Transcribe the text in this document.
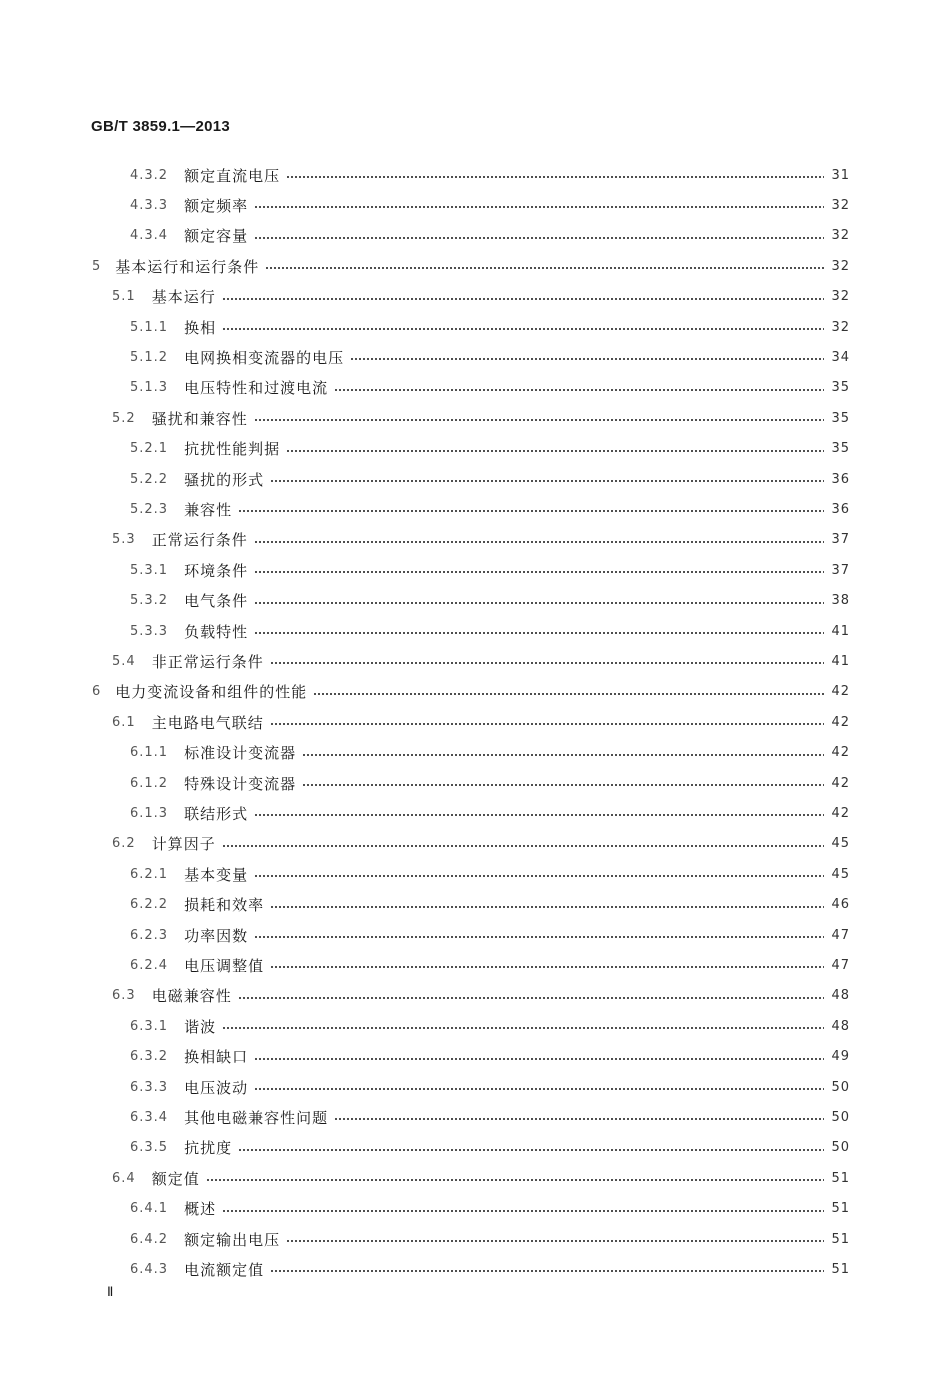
GB/T 3859.1—2013
4.3.2 额定直流电压	31
4.3.3 额定频率	32
4.3.4 额定容量	32
5 基本运行和运行条件	32
5.1 基本运行	32
5.1.1 换相	32
5.1.2 电网换相变流器的电压	34
5.1.3 电压特性和过渡电流	35
5.2 骚扰和兼容性	35
5.2.1 抗扰性能判据	35
5.2.2 骚扰的形式	36
5.2.3 兼容性	36
5.3 正常运行条件	37
5.3.1 环境条件	37
5.3.2 电气条件	38
5.3.3 负载特性	41
5.4 非正常运行条件	41
6 电力变流设备和组件的性能	42
6.1 主电路电气联结	42
6.1.1 标准设计变流器	42
6.1.2 特殊设计变流器	42
6.1.3 联结形式	42
6.2 计算因子	45
6.2.1 基本变量	45
6.2.2 损耗和效率	46
6.2.3 功率因数	47
6.2.4 电压调整值	47
6.3 电磁兼容性	48
6.3.1 谐波	48
6.3.2 换相缺口	49
6.3.3 电压波动	50
6.3.4 其他电磁兼容性问题	50
6.3.5 抗扰度	50
6.4 额定值	51
6.4.1 概述	51
6.4.2 额定输出电压	51
6.4.3 电流额定值	51
Ⅱ
